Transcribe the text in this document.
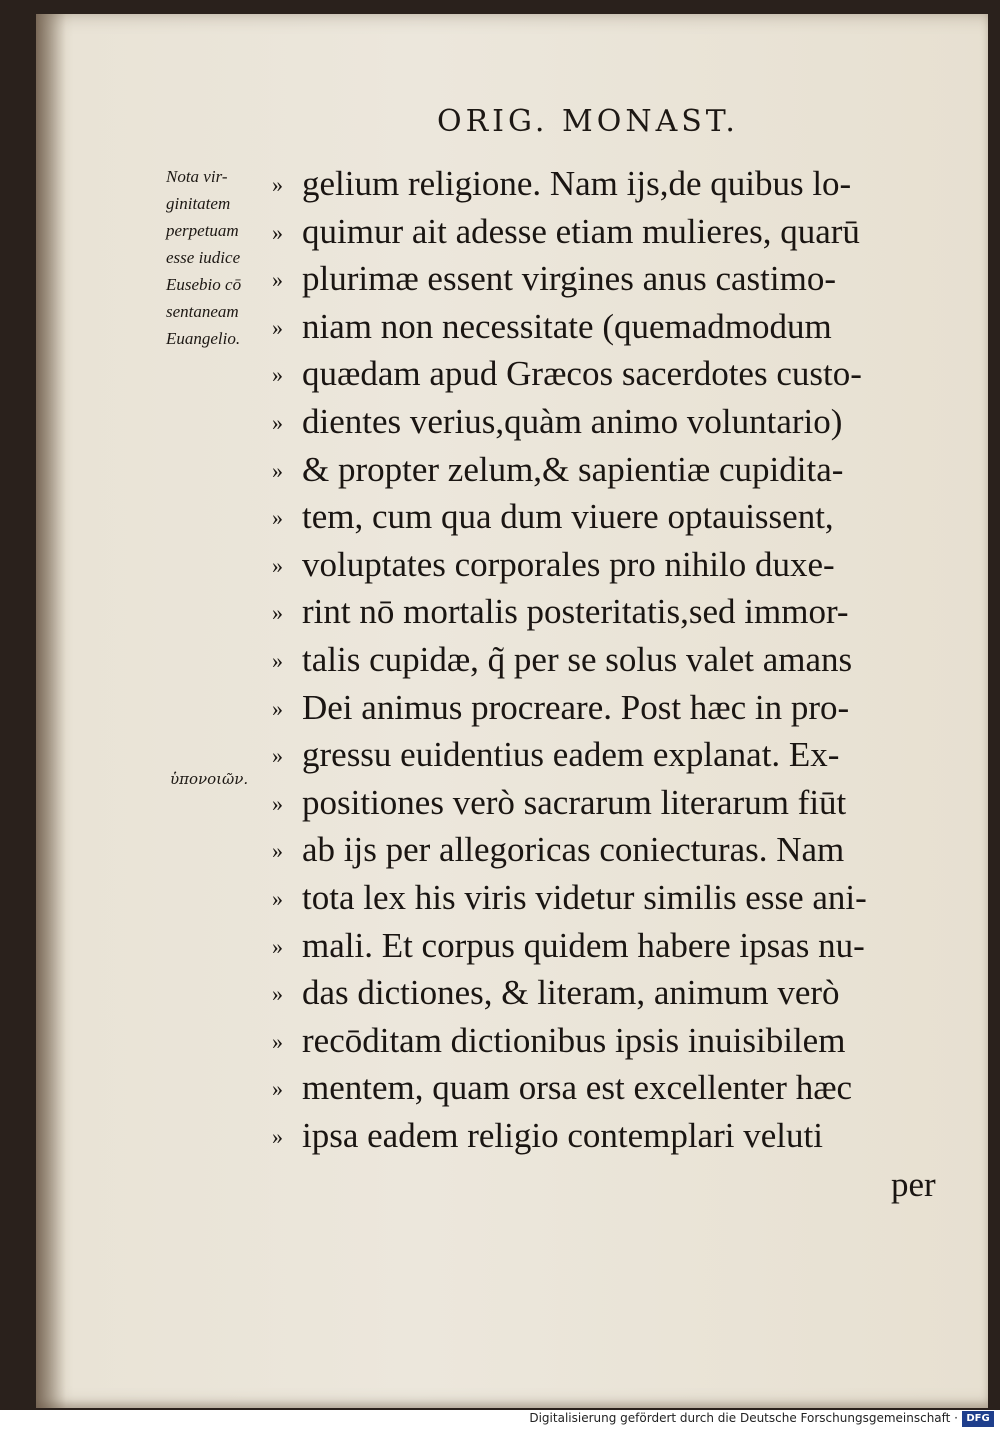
ORIG. MONAST.
Nota vir-
ginitatem
perpetuam
esse iudice
Eusebio cō
sentaneam
Euangelio.
ὑπονοιῶν.
» gelium religione. Nam ijs,de quibus lo-
» quimur ait adesse etiam mulieres, quarū
» plurimæ essent virgines anus castimo-
» niam non necessitate (quemadmodum
» quædam apud Græcos sacerdotes custo-
» dientes verius,quàm animo voluntario)
» & propter zelum,& sapientiæ cupidita-
» tem, cum qua dum viuere optauissent,
» voluptates corporales pro nihilo duxe-
» rint nō mortalis posteritatis,sed immor-
» talis cupidæ, q̃ per se solus valet amans
» Dei animus procreare. Post hæc in pro-
» gressu euidentius eadem explanat. Ex-
» positiones verò sacrarum literarum fiūt
» ab ijs per allegoricas coniecturas. Nam
» tota lex his viris videtur similis esse ani-
» mali. Et corpus quidem habere ipsas nu-
» das dictiones, & literam, animum verò
» recōditam dictionibus ipsis inuisibilem
» mentem, quam orsa est excellenter hæc
» ipsa eadem religio contemplari veluti
per
Digitalisierung gefördert durch die Deutsche Forschungsgemeinschaft · DFG
